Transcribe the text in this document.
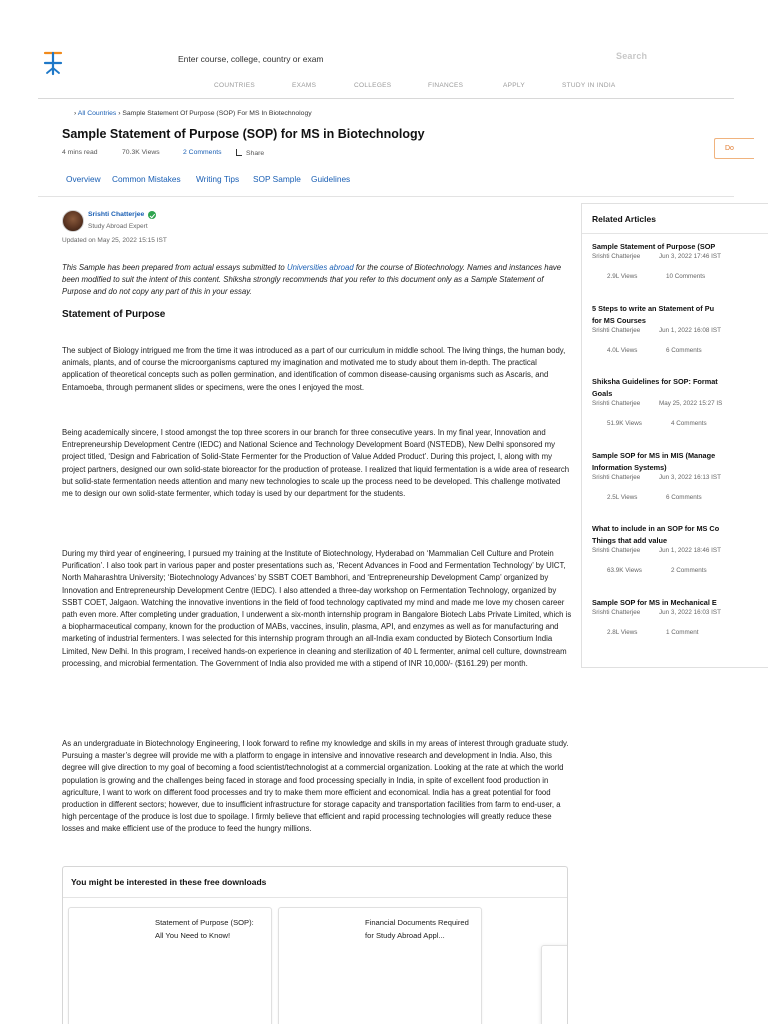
Enter course, college, country or exam
Search
COUNTRIES	EXAMS	COLLEGES	FINANCES	APPLY	STUDY IN INDIA
› All Countries › Sample Statement Of Purpose (SOP) For MS In Biotechnology
Sample Statement of Purpose (SOP) for MS in Biotechnology
4 mins read	70.3K Views	2 Comments	Share
Do
Overview Common Mistakes Writing Tips SOP Sample Guidelines
Srishti Chatterjee
Study Abroad Expert
Updated on May 25, 2022 15:15 IST

This Sample has been prepared from actual essays submitted to Universities abroad for the course of Biotechnology. Names and instances have been modified to suit the intent of this content. Shiksha strongly recommends that you refer to this document only as a Sample Statement of Purpose and do not copy any part of this in your essay.

Statement of Purpose

The subject of Biology intrigued me from the time it was introduced as a part of our curriculum in middle school. The living things, the human body, animals, plants, and of course the microorganisms captured my imagination and motivated me to study about them in-depth. The practical application of theoretical concepts such as pollen germination, and identification of common disease-causing organisms such as Ascaris, and Entamoeba, through permanent slides or specimens, were the ones I enjoyed the most.

Being academically sincere, I stood amongst the top three scorers in our branch for three consecutive years. In my final year, Innovation and Entrepreneurship Development Centre (IEDC) and National Science and Technology Development Board (NSTEDB), New Delhi sponsored my project titled, ‘Design and Fabrication of Solid-State Fermenter for the Production of Value Added Product’. During this project, I, along with my project partners, designed our own solid-state bioreactor for the production of protease. I realized that liquid fermentation is a wide area of research but solid-state fermentation needs attention and many new technologies to scale up the process need to be developed. This challenge motivated me to design our own solid-state fermenter, which today is used by our department for the students.

During my third year of engineering, I pursued my training at the Institute of Biotechnology, Hyderabad on ‘Mammalian Cell Culture and Protein Purification’. I also took part in various paper and poster presentations such as, ‘Recent Advances in Food and Fermentation Technology’ by UICT, North Maharashtra University; ‘Biotechnology Advances’ by SSBT COET Bambhori, and ‘Entrepreneurship Development Camp’ organized by Innovation and Entrepreneurship Development Centre (IEDC). I also attended a three-day workshop on Fermentation Technology, organized by SSBT COET, Jalgaon. Watching the innovative inventions in the field of food technology captivated my mind and made me love my chosen career path even more. After completing under graduation, I underwent a six-month internship program in Bangalore Biotech Labs Private Limited, which is a biopharmaceutical company, known for the production of MABs, vaccines, insulin, plasma, API, and enzymes as well as for manufacturing and marketing of industrial fermenters. I was selected for this internship program through an all-India exam conducted by Biotech Consortium India Limited, New Delhi. In this program, I received hands-on experience in cleaning and sterilization of 40 L fermenter, animal cell culture, downstream processing, and microbial fermentation. The Government of India also provided me with a stipend of INR 10,000/- ($161.29) per month.

As an undergraduate in Biotechnology Engineering, I look forward to refine my knowledge and skills in my areas of interest through graduate study. Pursuing a master’s degree will provide me with a platform to engage in intensive and innovative research and development in India. Also, this degree will give direction to my goal of becoming a food scientist/technologist at a commercial organization. Looking at the rate at which the world population is growing and the challenges being faced in storage and food processing specially in India, in spite of excellent food production in agriculture, I want to work on different food processes and try to make them more efficient and economical. India has a great potential for food production in different sectors; however, due to insufficient infrastructure for storage capacity and transportation facilities from farm to end-user, a high percentage of the produce is lost due to spoilage. I firmly believe that efficient and rapid processing technologies will greatly reduce these losses and make efficient use of the produce to feed the hungry millions.

You might be interested in these free downloads
Statement of Purpose (SOP): All You Need to Know!
Financial Documents Required for Study Abroad Appl...
Related Articles
Sample Statement of Purpose (SOP
Srishti Chatterjee	Jun 3, 2022 17:46 IST
2.9L Views	10 Comments
5 Steps to write an Statement of Pu
for MS Courses
Srishti Chatterjee	Jun 1, 2022 16:08 IST
4.0L Views	6 Comments
Shiksha Guidelines for SOP: Format
Goals
Srishti Chatterjee	May 25, 2022 15:27 IS
51.9K Views	4 Comments
Sample SOP for MS in MIS (Manage
Information Systems)
Srishti Chatterjee	Jun 3, 2022 16:13 IST
2.5L Views	6 Comments
What to include in an SOP for MS Co
Things that add value
Srishti Chatterjee	Jun 1, 2022 18:46 IST
63.9K Views	2 Comments
Sample SOP for MS in Mechanical E
Srishti Chatterjee	Jun 3, 2022 16:03 IST
2.8L Views	1 Comment
